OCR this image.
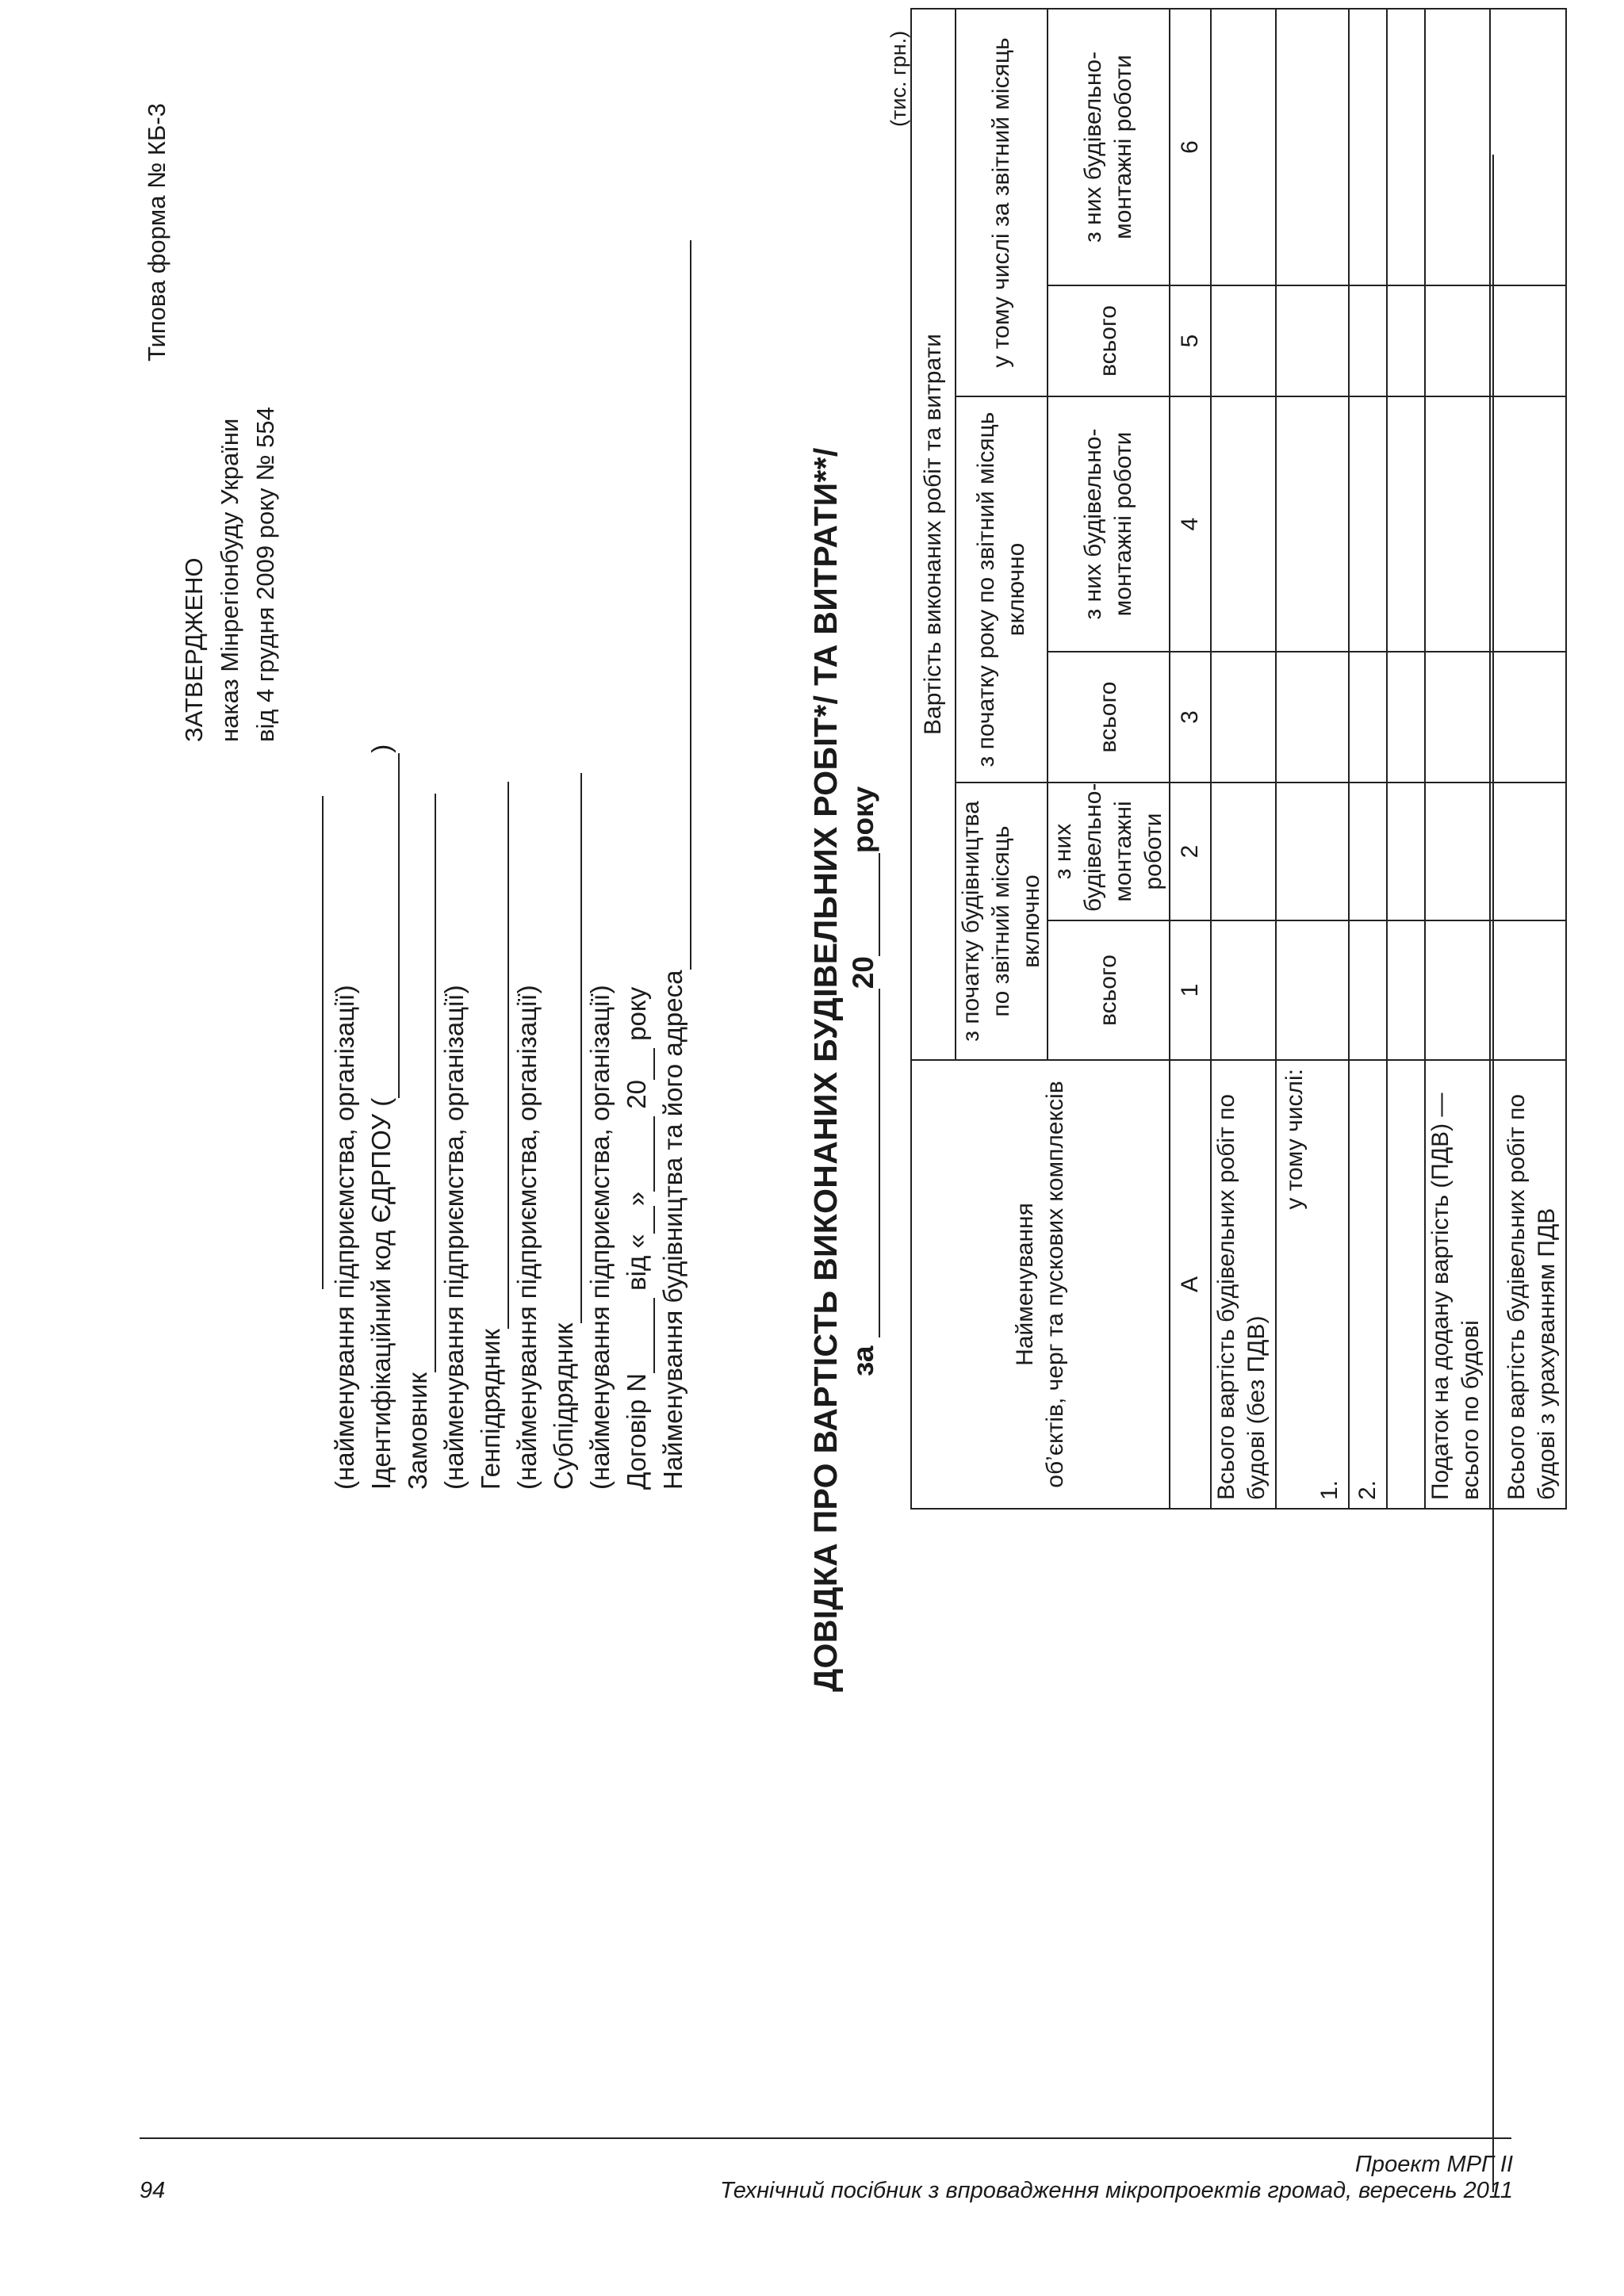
Типова форма № КБ-3
ЗАТВЕРДЖЕНО наказ Мінрегіонбуду України від 4 грудня 2009 року № 554
(найменування підприємства, організації) Ідентифікаційний код ЄДРПОУ ()
Замовник (найменування підприємства, організації) Генпідрядник (найменування підприємства, організації) Субпідрядник (найменування підприємства, організації) Договір N від «» 20 року Найменування будівництва та його адреса	ДОВІДКА ПРО ВАРТІСТЬ ВИКОНАНИХ БУДІВЕЛЬНИХ РОБІТ*/ ТА ВИТРАТИ**/ за 20року
(тис. грн.)
Найменування об’єктів, черг та пускових комплексів	Вартість виконаних робіт та витрати					
	з початку будівництва по звітний місяць включно		з початку року по звітний місяць включно		у тому числі за звітний місяць	
	всього	з них будівельно-монтажні роботи	всього	з них будівельно-монтажні роботи	всього	з них будівельно-монтажні роботи
А	1	2	3	4	5	6
Всього вартість будівельних робіт по будові (без ПДВ)						

у тому числі:
1.						

2.						

Податок на додану вартість (ПДВ) — всього по будові						
Всього вартість будівельних робіт по будові з урахуванням ПДВ						
Проект МРГ ІІ
Технічний посібник з впровадження мікропроектів громад, вересень 2011
94
